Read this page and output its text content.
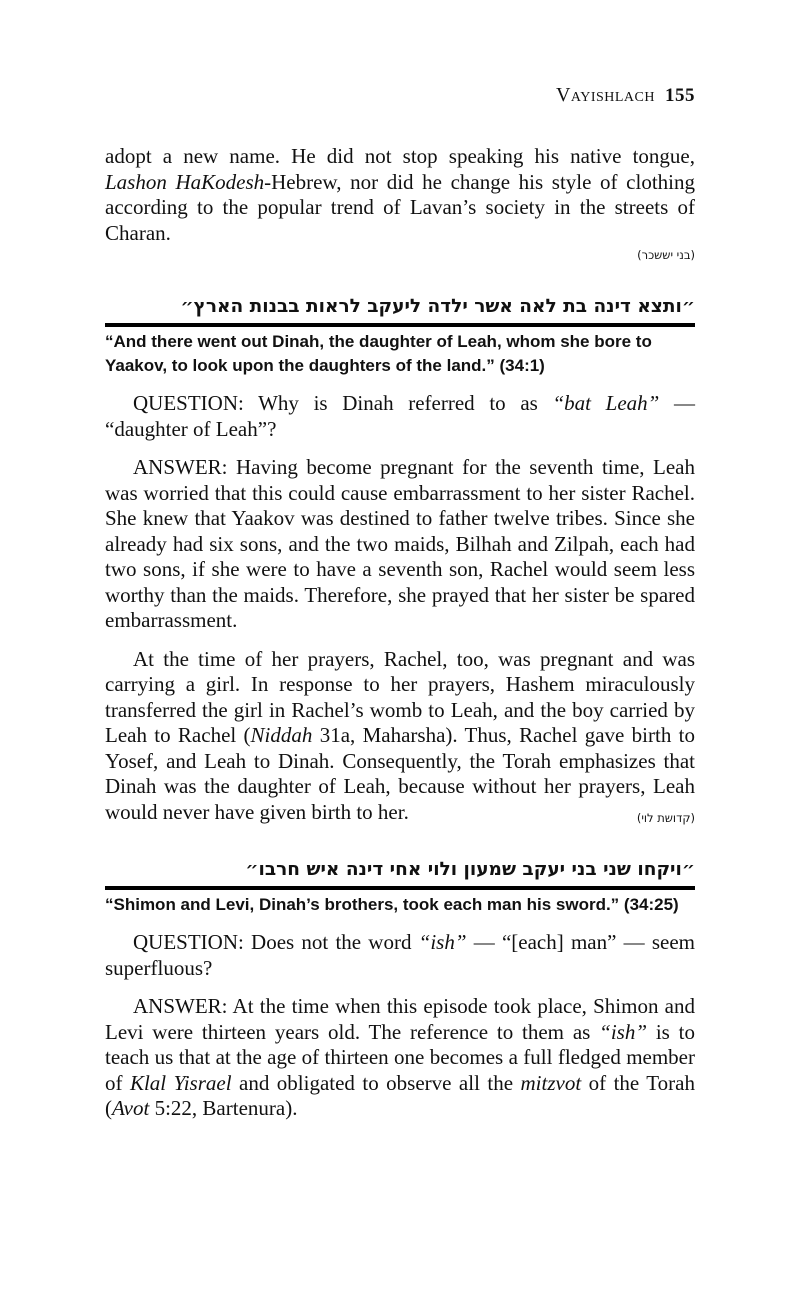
Vayishlach 155

adopt a new name. He did not stop speaking his native tongue, Lashon HaKodesh-Hebrew, nor did he change his style of clothing according to the popular trend of Lavan’s society in the streets of Charan.

(בני יששכר)
״ותצא דינה בת לאה אשר ילדה ליעקב לראות בבנות הארץ״
“And there went out Dinah, the daughter of Leah, whom she bore to Yaakov, to look upon the daughters of the land.” (34:1)

QUESTION: Why is Dinah referred to as “bat Leah” — “daughter of Leah”?

ANSWER: Having become pregnant for the seventh time, Leah was worried that this could cause embarrassment to her sister Rachel. She knew that Yaakov was destined to father twelve tribes. Since she already had six sons, and the two maids, Bilhah and Zilpah, each had two sons, if she were to have a seventh son, Rachel would seem less worthy than the maids. Therefore, she prayed that her sister be spared embarrassment.

At the time of her prayers, Rachel, too, was pregnant and was carrying a girl. In response to her prayers, Hashem miraculously transferred the girl in Rachel’s womb to Leah, and the boy carried by Leah to Rachel (Niddah 31a, Maharsha). Thus, Rachel gave birth to Yosef, and Leah to Dinah. Consequently, the Torah emphasizes that Dinah was the daughter of Leah, because without her prayers, Leah would never have given birth to her.	(קדושת לוי)
״ויקחו שני בני יעקב שמעון ולוי אחי דינה איש חרבו״
“Shimon and Levi, Dinah’s brothers, took each man his sword.” (34:25)

QUESTION: Does not the word “ish” — “[each] man” — seem superfluous?

ANSWER: At the time when this episode took place, Shimon and Levi were thirteen years old. The reference to them as “ish” is to teach us that at the age of thirteen one becomes a full fledged member of Klal Yisrael and obligated to observe all the mitzvot of the Torah (Avot 5:22, Bartenura).
